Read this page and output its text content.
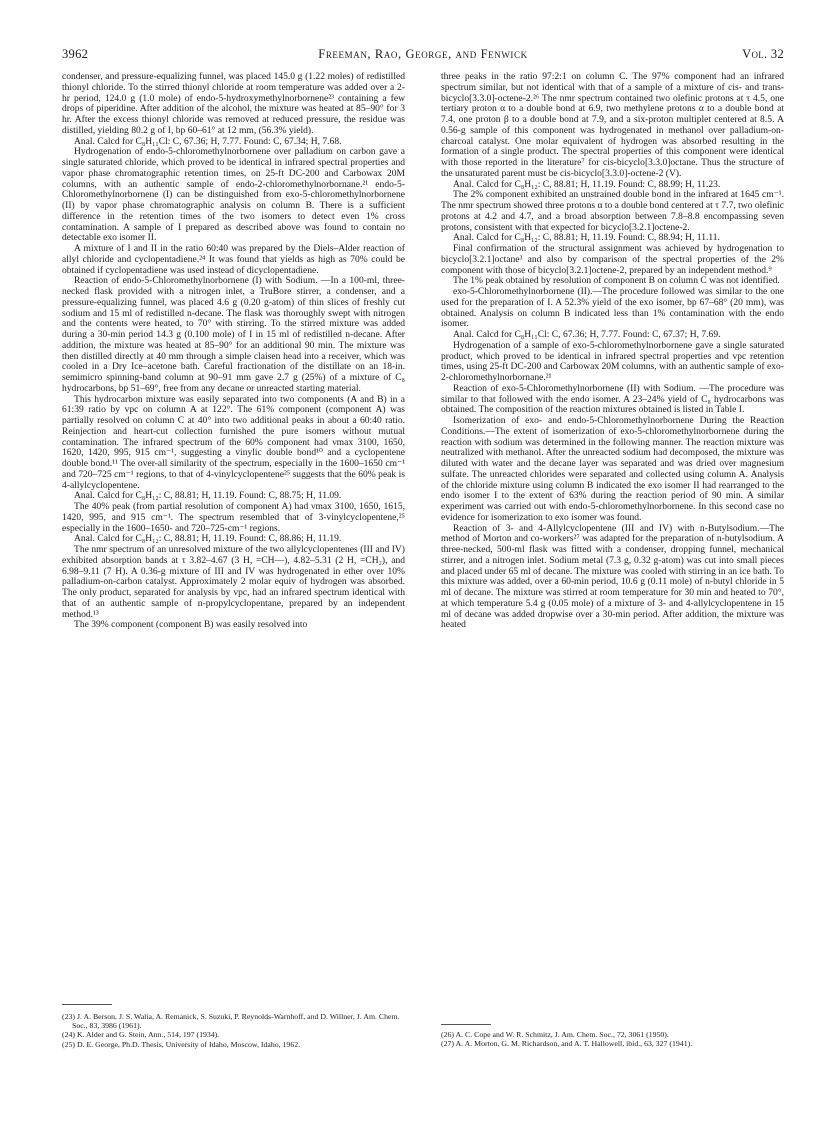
3962	Freeman, Rao, George, and Fenwick	Vol. 32

condenser, and pressure-equalizing funnel, was placed 145.0 g (1.22 moles) of redistilled thionyl chloride. To the stirred thionyl chloride at room temperature was added over a 2-hr period, 124.0 g (1.0 mole) of endo-5-hydroxymethylnorbornene²³ containing a few drops of piperidine. After addition of the alcohol, the mixture was heated at 85–90° for 3 hr. After the excess thionyl chloride was removed at reduced pressure, the residue was distilled, yielding 80.2 g of I, bp 60–61° at 12 mm, (56.3% yield).

Anal. Calcd for C₈H₁₁Cl: C, 67.36; H, 7.77. Found: C, 67.34; H, 7.68.

Hydrogenation of endo-5-chloromethylnorbornene over palladium on carbon gave a single saturated chloride, which proved to be identical in infrared spectral properties and vapor phase chromatographic retention times, on 25-ft DC-200 and Carbowax 20M columns, with an authentic sample of endo-2-chloromethylnorbornane.²¹ endo-5-Chloromethylnorbornene (I) can be distinguished from exo-5-chloromethylnorbornene (II) by vapor phase chromatographic analysis on column B. There is a sufficient difference in the retention times of the two isomers to detect even 1% cross contamination. A sample of I prepared as described above was found to contain no detectable exo isomer II.

A mixture of I and II in the ratio 60:40 was prepared by the Diels–Alder reaction of allyl chloride and cyclopentadiene.²⁴ It was found that yields as high as 70% could be obtained if cyclopentadiene was used instead of dicyclopentadiene.

Reaction of endo-5-Chloromethylnorbornene (I) with Sodium. —In a 100-ml, three-necked flask provided with a nitrogen inlet, a TruBore stirrer, a condenser, and a pressure-equalizing funnel, was placed 4.6 g (0.20 g-atom) of thin slices of freshly cut sodium and 15 ml of redistilled n-decane. The flask was thoroughly swept with nitrogen and the contents were heated, to 70° with stirring. To the stirred mixture was added during a 30-min period 14.3 g (0.100 mole) of I in 15 ml of redistilled n-decane. After addition, the mixture was heated at 85–90° for an additional 90 min. The mixture was then distilled directly at 40 mm through a simple claisen head into a receiver, which was cooled in a Dry Ice–acetone bath. Careful fractionation of the distillate on an 18-in. semimicro spinning-band column at 90–91 mm gave 2.7 g (25%) of a mixture of C₈ hydrocarbons, bp 51–69°, free from any decane or unreacted starting material.

This hydrocarbon mixture was easily separated into two components (A and B) in a 61:39 ratio by vpc on column A at 122°. The 61% component (component A) was partially resolved on column C at 40° into two additional peaks in about a 60:40 ratio. Reinjection and heart-cut collection furnished the pure isomers without mutual contamination. The infrared spectrum of the 60% component had νmax 3100, 1650, 1620, 1420, 995, 915 cm⁻¹, suggesting a vinylic double bond¹⁰ and a cyclopentene double bond.¹¹ The over-all similarity of the spectrum, especially in the 1600–1650 cm⁻¹ and 720–725 cm⁻¹ regions, to that of 4-vinylcyclopentene²⁵ suggests that the 60% peak is 4-allylcyclopentene.

Anal. Calcd for C₈H₁₂: C, 88.81; H, 11.19. Found: C, 88.75; H, 11.09.

The 40% peak (from partial resolution of component A) had νmax 3100, 1650, 1615, 1420, 995, and 915 cm⁻¹. The spectrum resembled that of 3-vinylcyclopentene,²⁵ especially in the 1600–1650- and 720–725-cm⁻¹ regions.

Anal. Calcd for C₈H₁₂: C, 88.81; H, 11.19. Found: C, 88.86; H, 11.19.

The nmr spectrum of an unresolved mixture of the two allylcyclopentenes (III and IV) exhibited absorption bands at τ 3.82–4.67 (3 H, =CH—), 4.82–5.31 (2 H, =CH₂), and 6.98–9.11 (7 H). A 0.36-g mixture of III and IV was hydrogenated in ether over 10% palladium-on-carbon catalyst. Approximately 2 molar equiv of hydrogen was absorbed. The only product, separated for analysis by vpc, had an infrared spectrum identical with that of an authentic sample of n-propylcyclopentane, prepared by an independent method.¹³

The 39% component (component B) was easily resolved into

three peaks in the ratio 97:2:1 on column C. The 97% component had an infrared spectrum similar, but not identical with that of a sample of a mixture of cis- and trans-bicyclo[3.3.0]-octene-2.²⁶ The nmr spectrum contained two olefinic protons at τ 4.5, one tertiary proton α to a double bond at 6.9, two methylene protons α to a double bond at 7.4, one proton β to a double bond at 7.9, and a six-proton multiplet centered at 8.5. A 0.56-g sample of this component was hydrogenated in methanol over palladium-on-charcoal catalyst. One molar equivalent of hydrogen was absorbed resulting in the formation of a single product. The spectral properties of this component were identical with those reported in the literature⁷ for cis-bicyclo[3.3.0]octane. Thus the structure of the unsaturated parent must be cis-bicyclo[3.3.0]-octene-2 (V).

Anal. Calcd for C₈H₁₂: C, 88.81; H, 11.19. Found: C, 88.99; H, 11.23.

The 2% component exhibited an unstrained double bond in the infrared at 1645 cm⁻¹. The nmr spectrum showed three protons α to a double bond centered at τ 7.7, two olefinic protons at 4.2 and 4.7, and a broad absorption between 7.8–8.8 encompassing seven protons, consistent with that expected for bicyclo[3.2.1]octene-2.

Anal. Calcd for C₈H₁₂: C, 88.81; H, 11.19. Found: C, 88.94; H, 11.11.

Final confirmation of the structural assignment was achieved by hydrogenation to bicyclo[3.2.1]octane³ and also by comparison of the spectral properties of the 2% component with those of bicyclo[3.2.1]octene-2, prepared by an independent method.⁹

The 1% peak obtained by resolution of component B on column C was not identified.

exo-5-Chloromethylnorbornene (II).—The procedure followed was similar to the one used for the preparation of I. A 52.3% yield of the exo isomer, bp 67–68° (20 mm), was obtained. Analysis on column B indicated less than 1% contamination with the endo isomer.

Anal. Calcd for C₈H₁₁Cl: C, 67.36; H, 7.77. Found: C, 67.37; H, 7.69.

Hydrogenation of a sample of exo-5-chloromethylnorbornene gave a single saturated product, which proved to be identical in infrared spectral properties and vpc retention times, using 25-ft DC-200 and Carbowax 20M columns, with an authentic sample of exo-2-chloromethylnorbornane.²¹

Reaction of exo-5-Chloromethylnorbornene (II) with Sodium. —The procedure was similar to that followed with the endo isomer. A 23–24% yield of C₈ hydrocarbons was obtained. The composition of the reaction mixtures obtained is listed in Table I.

Isomerization of exo- and endo-5-Chloromethylnorbornene During the Reaction Conditions.—The extent of isomerization of exo-5-chloromethylnorbornene during the reaction with sodium was determined in the following manner. The reaction mixture was neutralized with methanol. After the unreacted sodium had decomposed, the mixture was diluted with water and the decane layer was separated and was dried over magnesium sulfate. The unreacted chlorides were separated and collected using column A. Analysis of the chloride mixture using column B indicated the exo isomer II had rearranged to the endo isomer I to the extent of 63% during the reaction period of 90 min. A similar experiment was carried out with endo-5-chloromethylnorbornene. In this second case no evidence for isomerization to exo isomer was found.

Reaction of 3- and 4-Allylcyclopentene (III and IV) with n-Butylsodium.—The method of Morton and co-workers²⁷ was adapted for the preparation of n-butylsodium. A three-necked, 500-ml flask was fitted with a condenser, dropping funnel, mechanical stirrer, and a nitrogen inlet. Sodium metal (7.3 g, 0.32 g-atom) was cut into small pieces and placed under 65 ml of decane. The mixture was cooled with stirring in an ice bath. To this mixture was added, over a 60-min period, 10.6 g (0.11 mole) of n-butyl chloride in 5 ml of decane. The mixture was stirred at room temperature for 30 min and heated to 70°, at which temperature 5.4 g (0.05 mole) of a mixture of 3- and 4-allylcyclopentene in 15 ml of decane was added dropwise over a 30-min period. After addition, the mixture was heated

(23) J. A. Berson, J. S. Walia, A. Remanick, S. Suzuki, P. Reynolds-Warnhoff, and D. Willner, J. Am. Chem. Soc., 83, 3986 (1961).

(24) K. Alder and G. Stein, Ann., 514, 197 (1934).

(25) D. E. George, Ph.D. Thesis, University of Idaho, Moscow, Idaho, 1962.

(26) A. C. Cope and W. R. Schmitz, J. Am. Chem. Soc., 72, 3061 (1950).

(27) A. A. Morton, G. M. Richardson, and A. T. Hallowell, ibid., 63, 327 (1941).
